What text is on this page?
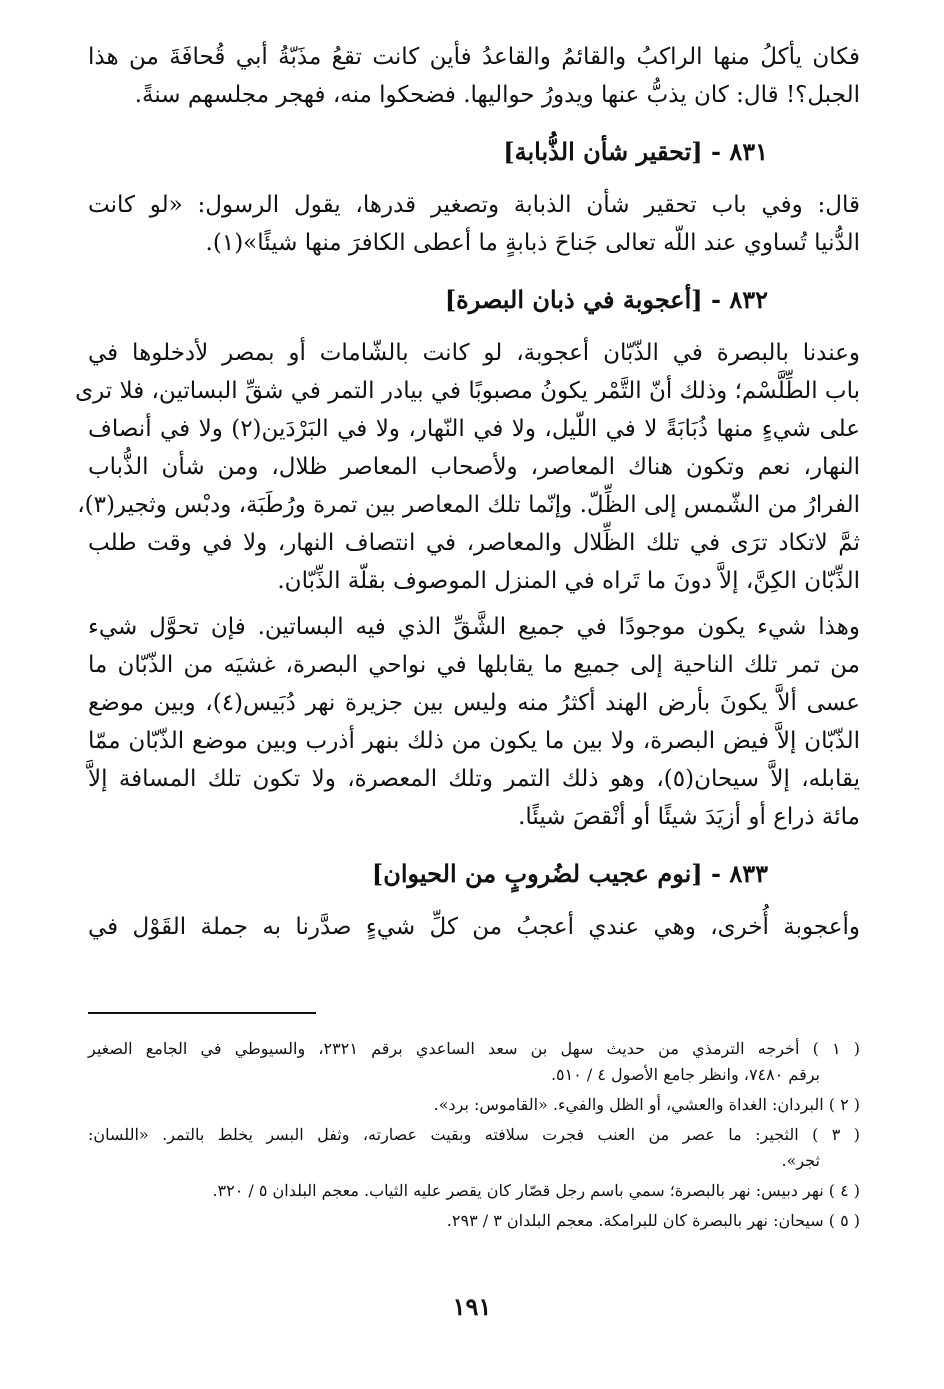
فكان يأكلُ منها الراكبُ والقائمُ والقاعدُ فأين كانت تقعُ مذَبّةُ أبي قُحافَةَ من هذا
الجبل؟! قال: كان يذبُّ عنها ويدورُ حواليها. فضحكوا منه، فهجر مجلسهم سنةً.
٨٣١ - [تحقير شأن الذُّبابة]
قال: وفي باب تحقير شأن الذبابة وتصغير قدرها، يقول الرسول: «لو كانت
الدُّنيا تُساوي عند اللّه تعالى جَناحَ ذبابةٍ ما أعطى الكافرَ منها شيئًا»(١).
٨٣٢ - [أعجوبة في ذبان البصرة]
وعندنا بالبصرة في الذّبّان أعجوبة، لو كانت بالشّامات أو بمصر لأدخلوها في
باب الطِّلَّسْم؛ وذلك أنّ التَّمْر يكونُ مصبوبًا في بيادر التمر في شقِّ البساتين، فلا ترى
على شيءٍ منها ذُبَابَةً لا في اللّيل، ولا في النّهار، ولا في البَرْدَين(٢) ولا في أنصاف
النهار، نعم وتكون هناك المعاصر، ولأصحاب المعاصر ظلال، ومن شأن الذُّباب
الفرارُ من الشّمس إلى الظِّلّ. وإنّما تلك المعاصر بين تمرة ورُطَبَة، ودبْس وثجير(٣)،
ثمَّ لاتكاد ترَى في تلك الظِّلال والمعاصر، في انتصاف النهار، ولا في وقت طلب
الذِّبّان الكِنَّ، إلاَّ دونَ ما تَراه في المنزل الموصوف بقلّة الذِّبّان.
وهذا شيء يكون موجودًا في جميع الشَّقِّ الذي فيه البساتين. فإن تحوَّل شيء
من تمر تلك الناحية إلى جميع ما يقابلها في نواحي البصرة، غشيَه من الذّبّان ما
عسى ألاَّ يكونَ بأرض الهند أكثرُ منه وليس بين جزيرة نهر دُبَيس(٤)، وبين موضع
الذّبّان إلاَّ فيض البصرة، ولا بين ما يكون من ذلك بنهر أذرب وبين موضع الذّبّان ممّا
يقابله، إلاَّ سيحان(٥)، وهو ذلك التمر وتلك المعصرة، ولا تكون تلك المسافة إلاَّ
مائة ذراع أو أزيَدَ شيئًا أو أنْقصَ شيئًا.
٨٣٣ - [نوم عجيب لضُروبٍ من الحيوان]
وأعجوبة أُخرى، وهي عندي أعجبُ من كلِّ شيءٍ صدَّرنا به جملة القَوْل في
( ١ ) أخرجه الترمذي من حديث سهل بن سعد الساعدي برقم ٢٣٢١، والسيوطي في الجامع الصغير
برقم ٧٤٨٠، وانظر جامع الأصول ٤ / ٥١٠.
( ٢ ) البردان: الغداة والعشي، أو الظل والفيء. «القاموس: برد».
( ٣ ) الثجير: ما عصر من العنب فجرت سلافته وبقيت عصارته، وثفل البسر يخلط بالتمر. «اللسان:
ثجر».
( ٤ ) نهر دبيس: نهر بالبصرة؛ سمي باسم رجل قصّار كان يقصر عليه الثياب. معجم البلدان ٥ / ٣٢٠.
( ٥ ) سيحان: نهر بالبصرة كان للبرامكة. معجم البلدان ٣ / ٢٩٣.
١٩١
